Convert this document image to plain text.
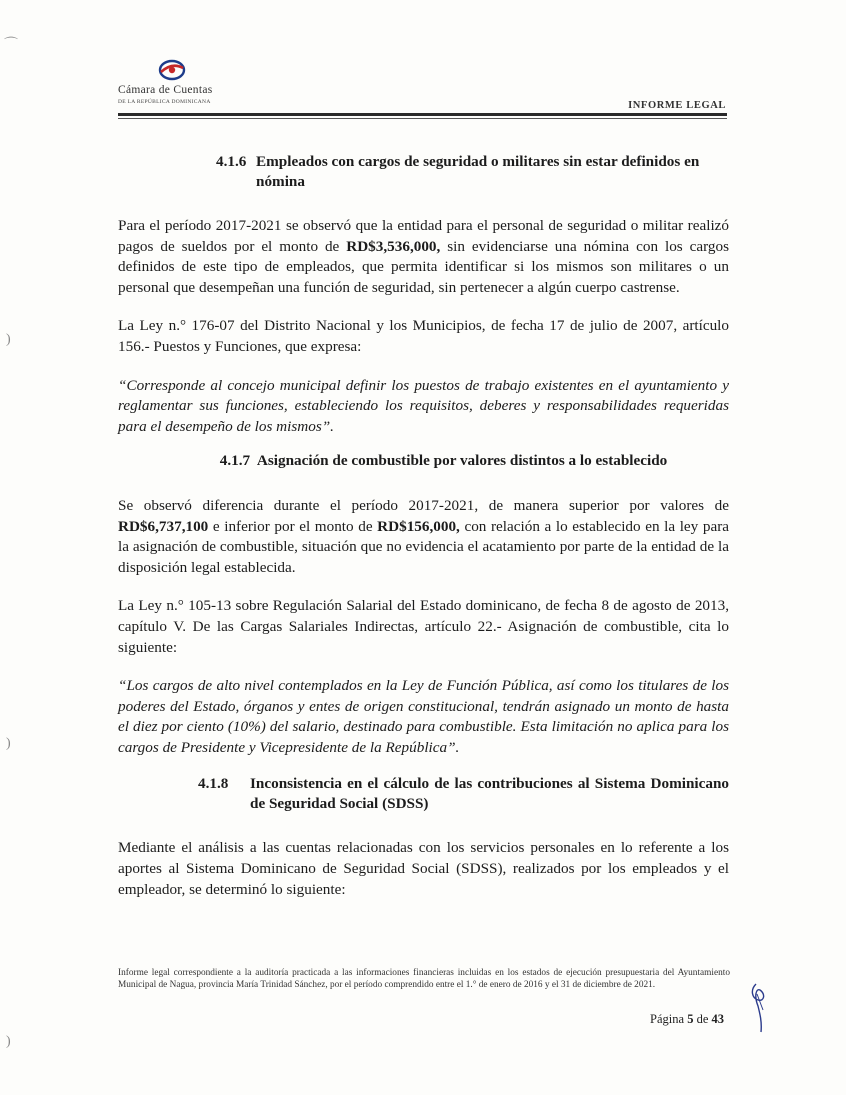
Cámara de Cuentas
DE LA REPÚBLICA DOMINICANA	INFORME LEGAL
⌒
)
)
)
4.1.6 Empleados con cargos de seguridad o militares sin estar definidos en nómina

Para el período 2017-2021 se observó que la entidad para el personal de seguridad o militar realizó pagos de sueldos por el monto de RD$3,536,000, sin evidenciarse una nómina con los cargos definidos de este tipo de empleados, que permita identificar si los mismos son militares o un personal que desempeñan una función de seguridad, sin pertenecer a algún cuerpo castrense.

La Ley n.° 176-07 del Distrito Nacional y los Municipios, de fecha 17 de julio de 2007, artículo 156.- Puestos y Funciones, que expresa:

“Corresponde al concejo municipal definir los puestos de trabajo existentes en el ayuntamiento y reglamentar sus funciones, estableciendo los requisitos, deberes y responsabilidades requeridas para el desempeño de los mismos”.

4.1.7 Asignación de combustible por valores distintos a lo establecido

Se observó diferencia durante el período 2017-2021, de manera superior por valores de RD$6,737,100 e inferior por el monto de RD$156,000, con relación a lo establecido en la ley para la asignación de combustible, situación que no evidencia el acatamiento por parte de la entidad de la disposición legal establecida.

La Ley n.° 105-13 sobre Regulación Salarial del Estado dominicano, de fecha 8 de agosto de 2013, capítulo V. De las Cargas Salariales Indirectas, artículo 22.- Asignación de combustible, cita lo siguiente:

“Los cargos de alto nivel contemplados en la Ley de Función Pública, así como los titulares de los poderes del Estado, órganos y entes de origen constitucional, tendrán asignado un monto de hasta el diez por ciento (10%) del salario, destinado para combustible. Esta limitación no aplica para los cargos de Presidente y Vicepresidente de la República”.

4.1.8	Inconsistencia en el cálculo de las contribuciones al Sistema Dominicano de Seguridad Social (SDSS)

Mediante el análisis a las cuentas relacionadas con los servicios personales en lo referente a los aportes al Sistema Dominicano de Seguridad Social (SDSS), realizados por los empleados y el empleador, se determinó lo siguiente:

Informe legal correspondiente a la auditoría practicada a las informaciones financieras incluidas en los estados de ejecución presupuestaria del Ayuntamiento Municipal de Nagua, provincia María Trinidad Sánchez, por el período comprendido entre el 1.° de enero de 2016 y el 31 de diciembre de 2021.
Página 5 de 43
